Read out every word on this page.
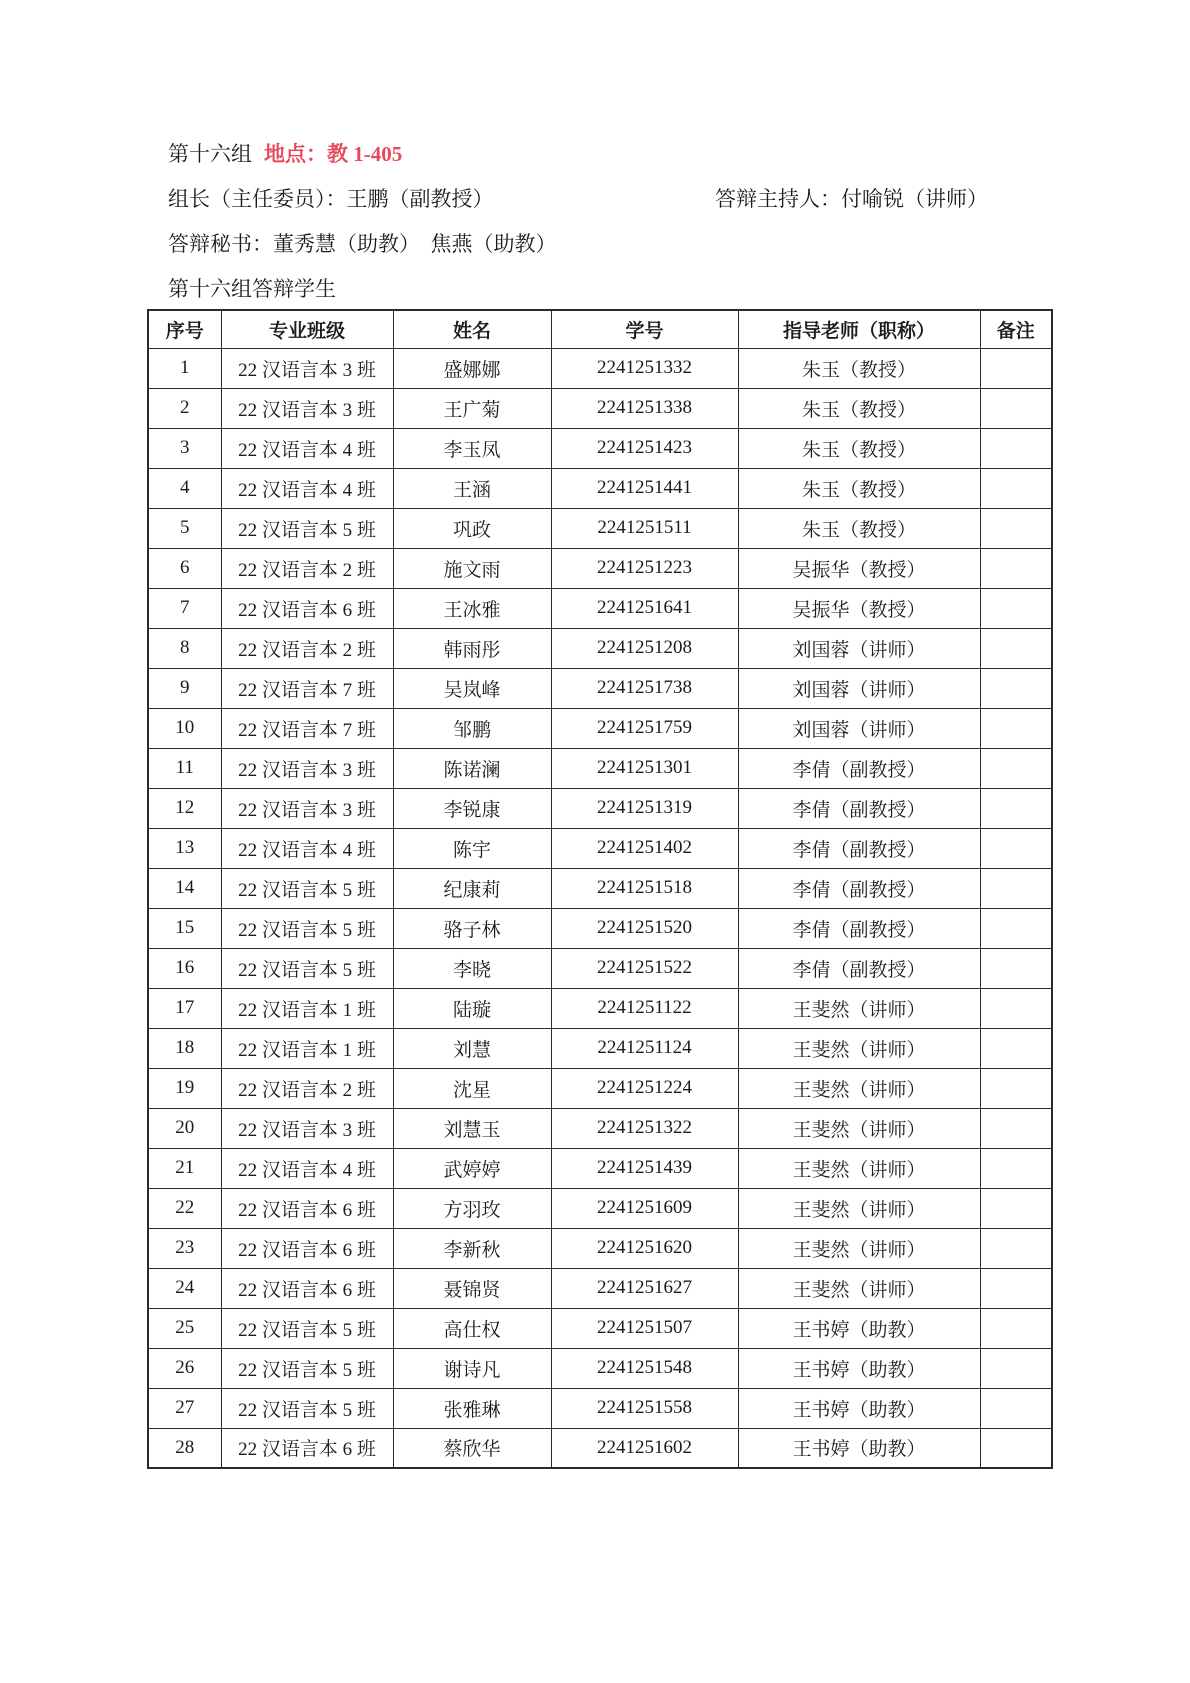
第十六组 地点：教 1-405
组长（主任委员）：王鹏（副教授）	答辩主持人：付喻锐（讲师）
答辩秘书：董秀慧（助教）　焦燕（助教）
第十六组答辩学生
序号	专业班级	姓名	学号	指导老师（职称）	备注
1	22 汉语言本 3 班	盛娜娜	2241251332	朱玉（教授）	
2	22 汉语言本 3 班	王广菊	2241251338	朱玉（教授）	
3	22 汉语言本 4 班	李玉凤	2241251423	朱玉（教授）	
4	22 汉语言本 4 班	王涵	2241251441	朱玉（教授）	
5	22 汉语言本 5 班	巩政	2241251511	朱玉（教授）	
6	22 汉语言本 2 班	施文雨	2241251223	吴振华（教授）	
7	22 汉语言本 6 班	王冰雅	2241251641	吴振华（教授）	
8	22 汉语言本 2 班	韩雨彤	2241251208	刘国蓉（讲师）	
9	22 汉语言本 7 班	吴岚峰	2241251738	刘国蓉（讲师）	
10	22 汉语言本 7 班	邹鹏	2241251759	刘国蓉（讲师）	
11	22 汉语言本 3 班	陈诺澜	2241251301	李倩（副教授）	
12	22 汉语言本 3 班	李锐康	2241251319	李倩（副教授）	
13	22 汉语言本 4 班	陈宇	2241251402	李倩（副教授）	
14	22 汉语言本 5 班	纪康莉	2241251518	李倩（副教授）	
15	22 汉语言本 5 班	骆子林	2241251520	李倩（副教授）	
16	22 汉语言本 5 班	李晓	2241251522	李倩（副教授）	
17	22 汉语言本 1 班	陆璇	2241251122	王斐然（讲师）	
18	22 汉语言本 1 班	刘慧	2241251124	王斐然（讲师）	
19	22 汉语言本 2 班	沈星	2241251224	王斐然（讲师）	
20	22 汉语言本 3 班	刘慧玉	2241251322	王斐然（讲师）	
21	22 汉语言本 4 班	武婷婷	2241251439	王斐然（讲师）	
22	22 汉语言本 6 班	方羽玫	2241251609	王斐然（讲师）	
23	22 汉语言本 6 班	李新秋	2241251620	王斐然（讲师）	
24	22 汉语言本 6 班	聂锦贤	2241251627	王斐然（讲师）	
25	22 汉语言本 5 班	高仕权	2241251507	王书婷（助教）	
26	22 汉语言本 5 班	谢诗凡	2241251548	王书婷（助教）	
27	22 汉语言本 5 班	张雅琳	2241251558	王书婷（助教）	
28	22 汉语言本 6 班	蔡欣华	2241251602	王书婷（助教）	
